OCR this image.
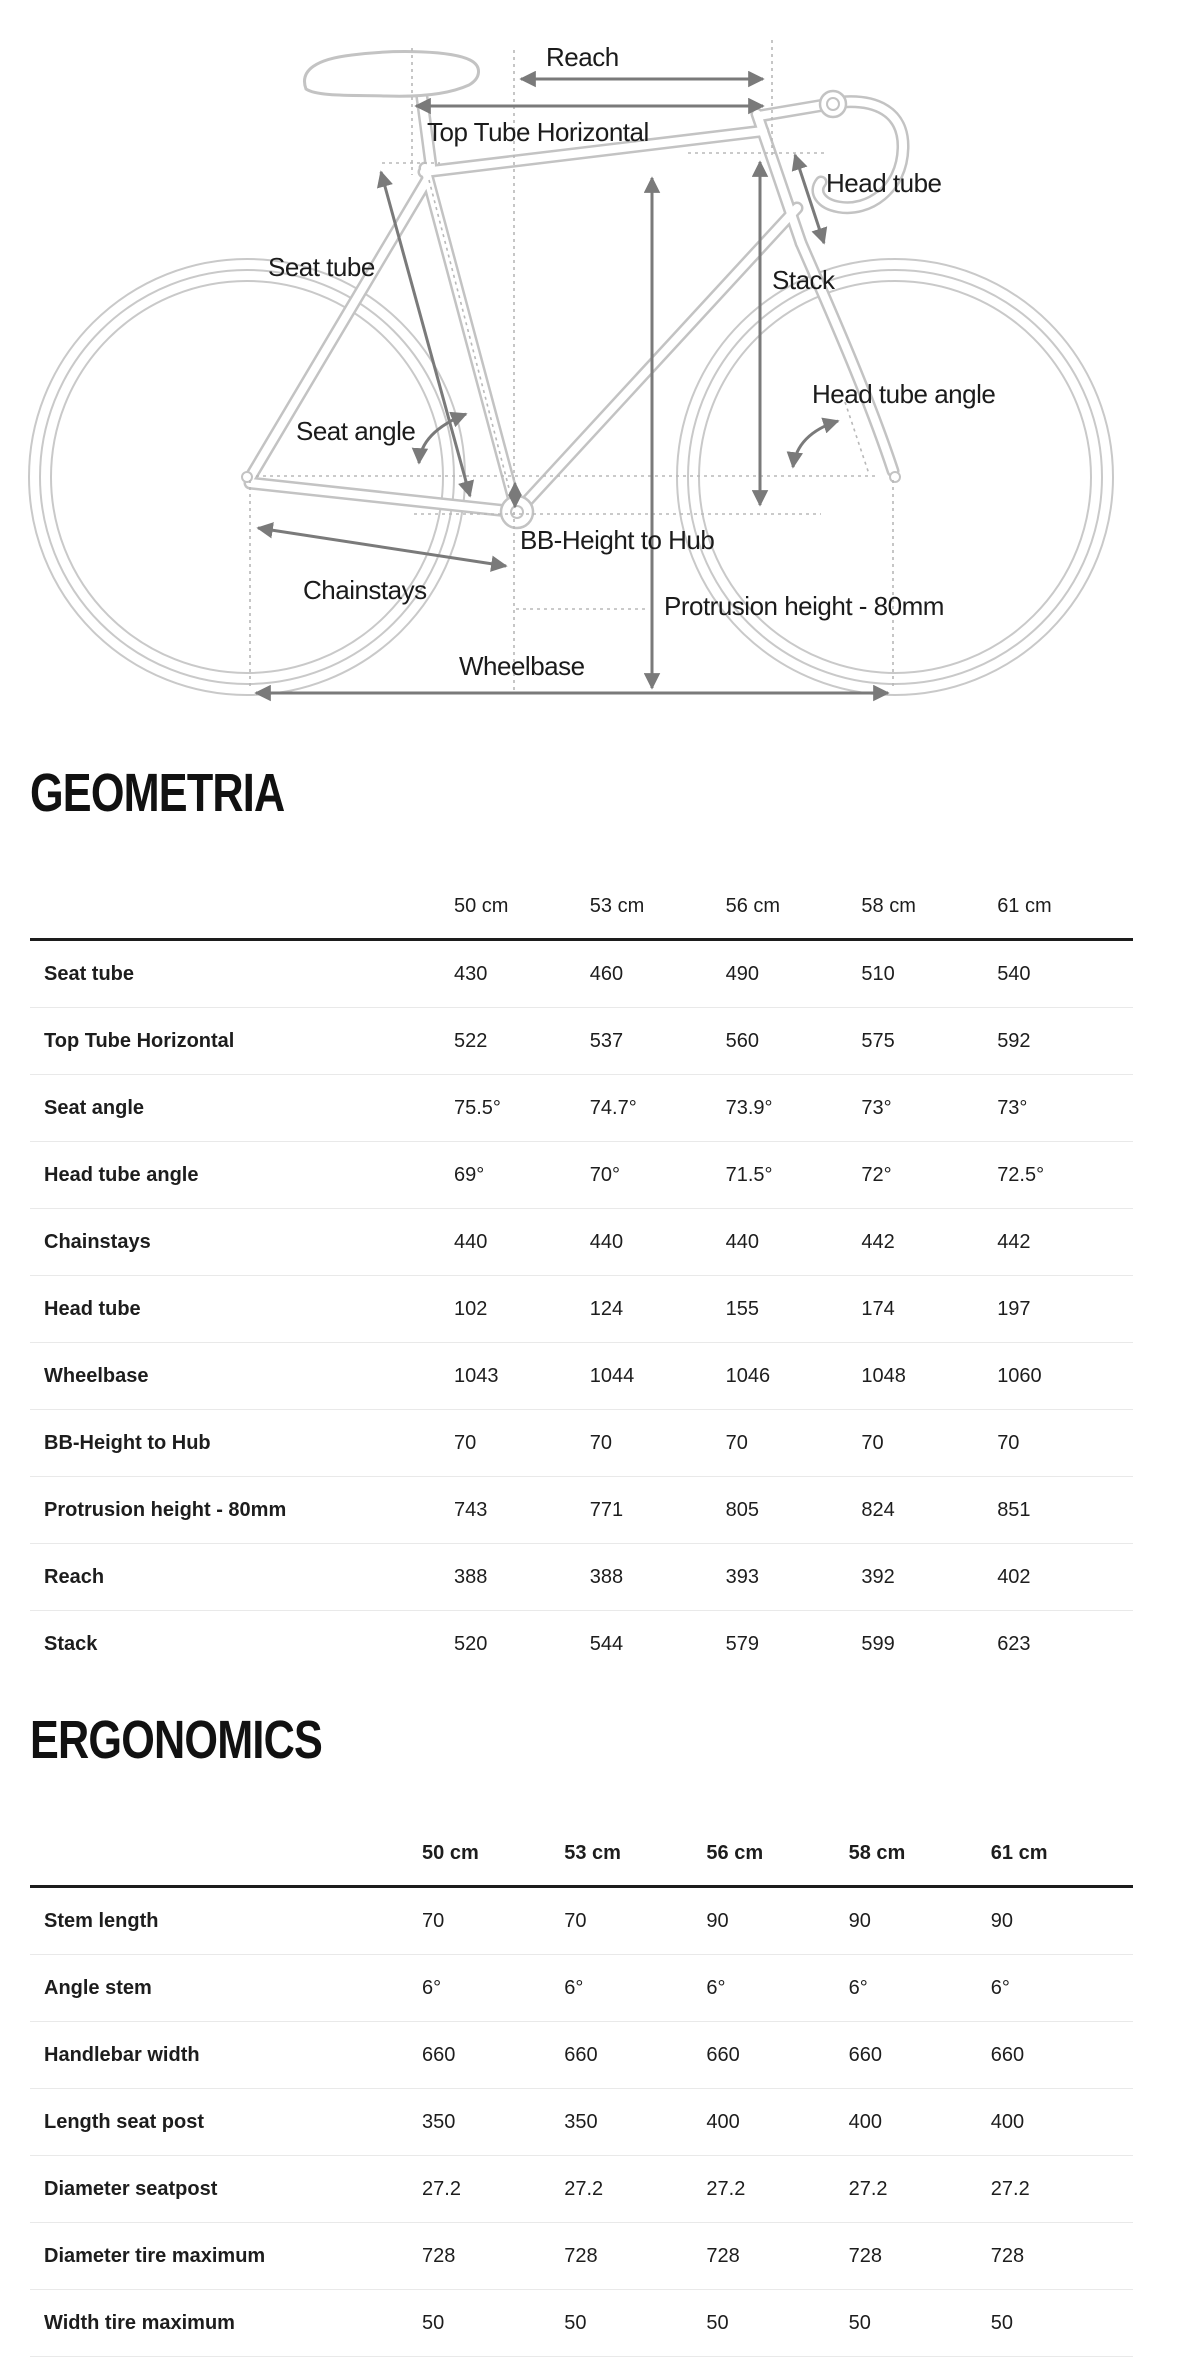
Reach
Top Tube Horizontal
Head tube
Seat tube	Stack
Head tube angle
Seat angle
BB-Height to Hub
Chainstays
Protrusion height - 80mm
Wheelbase
GEOMETRIA
	50 cm	53 cm	56 cm	58 cm	61 cm
Seat tube	430	460	490	510	540
Top Tube Horizontal	522	537	560	575	592
Seat angle	75.5°	74.7°	73.9°	73°	73°
Head tube angle	69°	70°	71.5°	72°	72.5°
Chainstays	440	440	440	442	442
Head tube	102	124	155	174	197
Wheelbase	1043	1044	1046	1048	1060
BB-Height to Hub	70	70	70	70	70
Protrusion height - 80mm	743	771	805	824	851
Reach	388	388	393	392	402
Stack	520	544	579	599	623
ERGONOMICS
	50 cm	53 cm	56 cm	58 cm	61 cm
Stem length	70	70	90	90	90
Angle stem	6°	6°	6°	6°	6°
Handlebar width	660	660	660	660	660
Length seat post	350	350	400	400	400
Diameter seatpost	27.2	27.2	27.2	27.2	27.2
Diameter tire maximum	728	728	728	728	728
Width tire maximum	50	50	50	50	50
